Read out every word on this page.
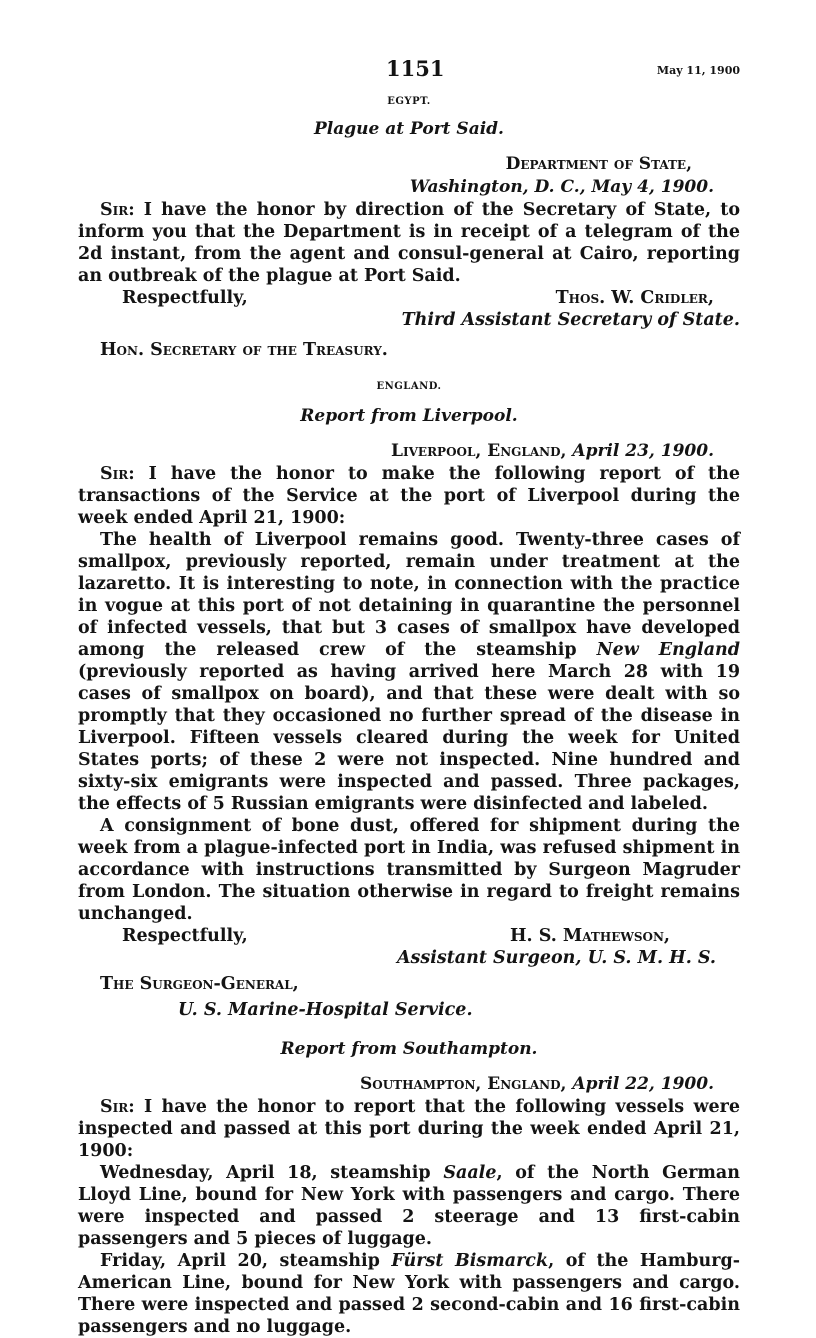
1151	May 11, 1900
EGYPT.
Plague at Port Said.
Department of State,
Washington, D. C., May 4, 1900.

Sir: I have the honor by direction of the Secretary of State, to inform you that the Department is in receipt of a telegram of the 2d instant, from the agent and consul-general at Cairo, reporting an outbreak of the plague at Port Said.

Respectfully,	Thos. W. Cridler,
Third Assistant Secretary of State.
Hon. Secretary of the Treasury.
ENGLAND.
Report from Liverpool.
Liverpool, England, April 23, 1900.

Sir: I have the honor to make the following report of the transactions of the Service at the port of Liverpool during the week ended April 21, 1900:

The health of Liverpool remains good. Twenty-three cases of smallpox, previously reported, remain under treatment at the lazaretto. It is interesting to note, in connection with the practice in vogue at this port of not detaining in quarantine the personnel of infected vessels, that but 3 cases of smallpox have developed among the released crew of the steamship New England (previously reported as having arrived here March 28 with 19 cases of smallpox on board), and that these were dealt with so promptly that they occasioned no further spread of the disease in Liverpool. Fifteen vessels cleared during the week for United States ports; of these 2 were not inspected. Nine hundred and sixty-six emigrants were inspected and passed. Three packages, the effects of 5 Russian emigrants were disinfected and labeled.

A consignment of bone dust, offered for shipment during the week from a plague-infected port in India, was refused shipment in accordance with instructions transmitted by Surgeon Magruder from London. The situation otherwise in regard to freight remains unchanged.

Respectfully,	H. S. Mathewson,
Assistant Surgeon, U. S. M. H. S.
The Surgeon-General,
U. S. Marine-Hospital Service.
Report from Southampton.
Southampton, England, April 22, 1900.

Sir: I have the honor to report that the following vessels were inspected and passed at this port during the week ended April 21, 1900:

Wednesday, April 18, steamship Saale, of the North German Lloyd Line, bound for New York with passengers and cargo. There were inspected and passed 2 steerage and 13 first-cabin passengers and 5 pieces of luggage.

Friday, April 20, steamship Fürst Bismarck, of the Hamburg-American Line, bound for New York with passengers and cargo. There were inspected and passed 2 second-cabin and 16 first-cabin passengers and no luggage.
